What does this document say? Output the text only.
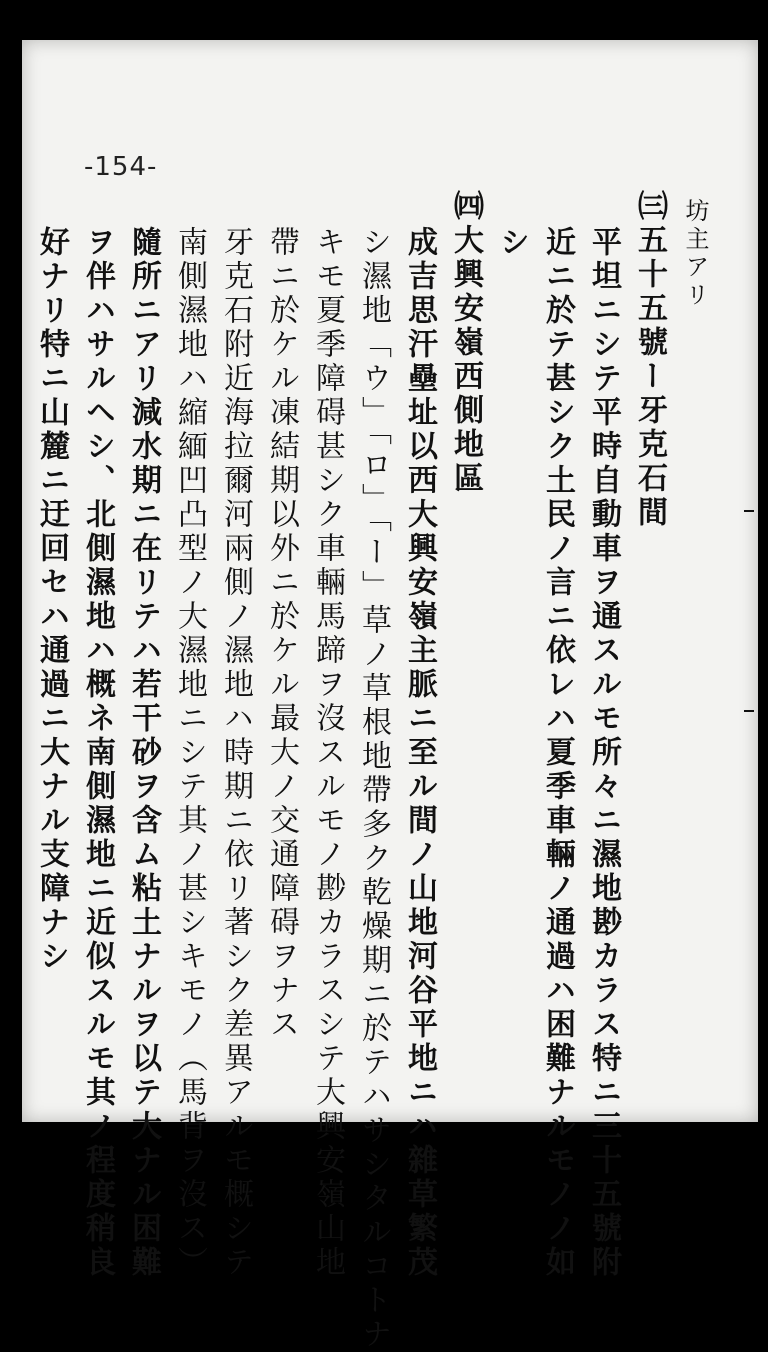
-154-
坊主アリ
㈢五十五號ー牙克石間
平坦ニシテ平時自動車ヲ通スルモ所々ニ濕地尠カラス特ニ三十五號附
近ニ於テ甚シク土民ノ言ニ依レハ夏季車輛ノ通過ハ困難ナルモノノ如
シ
㈣大興安嶺西側地區
成吉思汗壘址以西大興安嶺主脈ニ至ル間ノ山地河谷平地ニハ雜草繁茂
シ濕地「ウ」「ロ」「ー」草ノ草根地帶多ク乾燥期ニ於テハサシタルコトナ
キモ夏季障碍甚シク車輛馬蹄ヲ沒スルモノ尠カラスシテ大興安嶺山地
帶ニ於ケル凍結期以外ニ於ケル最大ノ交通障碍ヲナス
牙克石附近海拉爾河兩側ノ濕地ハ時期ニ依リ著シク差異アルモ概シテ
南側濕地ハ縮緬凹凸型ノ大濕地ニシテ其ノ甚シキモノ（馬背ヲ沒ス）
隨所ニアリ減水期ニ在リテハ若干砂ヲ含ム粘土ナルヲ以テ大ナル困難
ヲ伴ハサルヘシ、北側濕地ハ概ネ南側濕地ニ近似スルモ其ノ程度稍良
好ナリ特ニ山麓ニ迂回セハ通過ニ大ナル支障ナシ
